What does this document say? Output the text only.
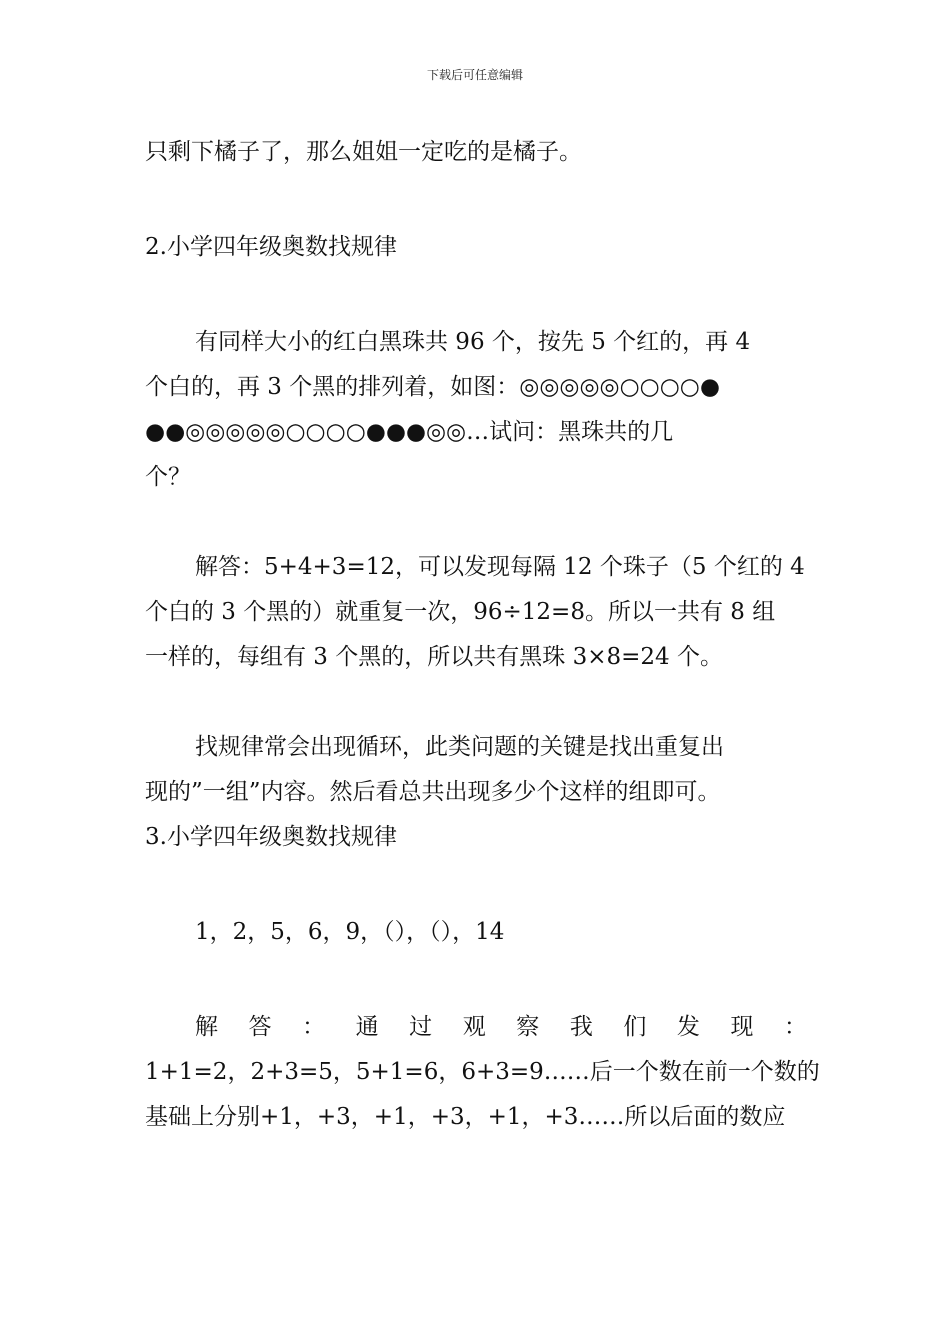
下载后可任意编辑

只剩下橘子了，那么姐姐一定吃的是橘子。

2.小学四年级奥数找规律

有同样大小的红白黑珠共 96 个，按先 5 个红的，再 4

个白的，再 3 个黑的排列着，如图：◎◎◎◎◎○○○○●

●●◎◎◎◎◎○○○○●●●◎◎…试问：黑珠共的几

个？

解答：5+4+3=12，可以发现每隔 12 个珠子（5 个红的 4

个白的 3 个黑的）就重复一次，96÷12=8。所以一共有 8 组

一样的，每组有 3 个黑的，所以共有黑珠 3×8=24 个。

找规律常会出现循环，此类问题的关键是找出重复出

现的”一组”内容。然后看总共出现多少个这样的组即可。

3.小学四年级奥数找规律

1，2，5，6，9，（），（），14

解 答 ： 通 过 观 察 我 们 发 现 ：

1+1=2，2+3=5，5+1=6，6+3=9……后一个数在前一个数的

基础上分别+1，+3，+1，+3，+1，+3……所以后面的数应
